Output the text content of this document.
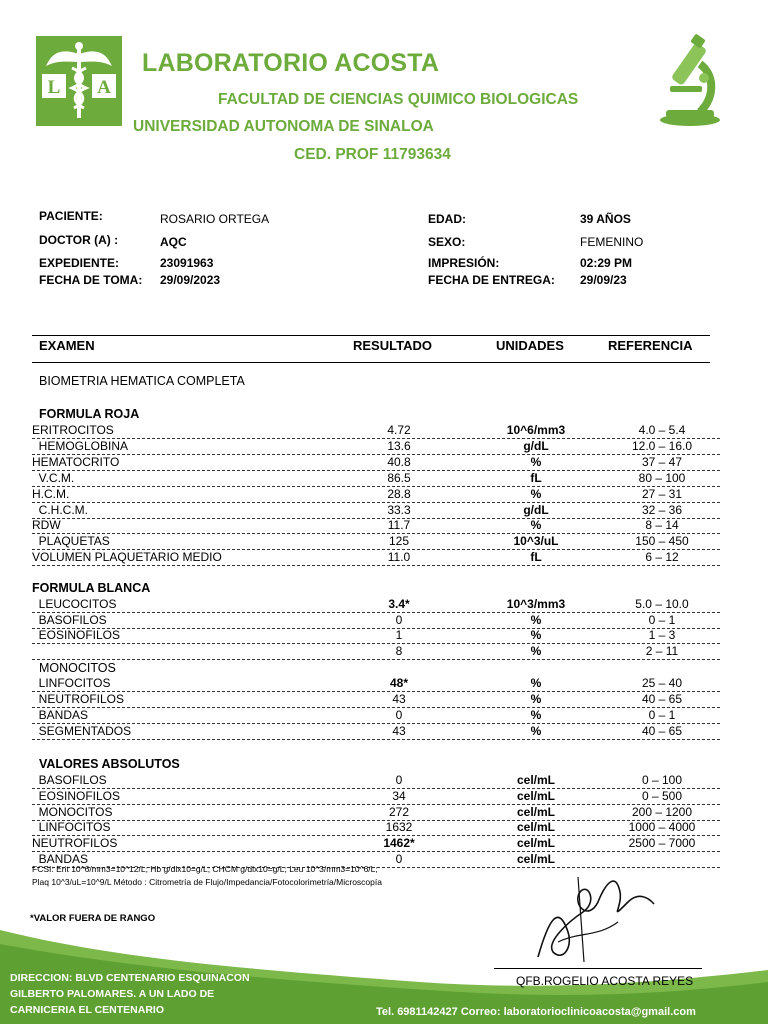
L A
LABORATORIO ACOSTA
FACULTAD DE CIENCIAS QUIMICO BIOLOGICAS
UNIVERSIDAD AUTONOMA DE SINALOA
CED. PROF 11793634
PACIENTE:	ROSARIO ORTEGA
DOCTOR (A) :	AQC
EXPEDIENTE:	23091963
FECHA DE TOMA: 29/09/2023
EDAD:	39 AÑOS
SEXO:	FEMENINO
IMPRESIÓN:	02:29 PM
FECHA DE ENTREGA: 29/09/23
EXAMEN	RESULTADO	UNIDADES	REFERENCIA
BIOMETRIA HEMATICA COMPLETA
FORMULA ROJA
ERITROCITOS	4.72	10^6/mm3	4.0 – 5.4
HEMOGLOBINA	13.6	g/dL	12.0 – 16.0
HEMATOCRITO	40.8	%	37 – 47
V.C.M.	86.5	fL	80 – 100
H.C.M.	28.8	%	27 – 31
C.H.C.M.	33.3	g/dL	32 – 36
RDW	11.7	%	8 – 14
PLAQUETAS	125	10^3/uL	150 – 450
VOLUMEN PLAQUETARIO MEDIO	11.0	fL	6 – 12
FORMULA BLANCA
LEUCOCITOS	3.4*	10^3/mm3	5.0 – 10.0
BASOFILOS	0	%	0 – 1
EOSINOFILOS	1	%	1 – 3
8	%	2 – 11
MONOCITOS
LINFOCITOS	48*	%	25 – 40
NEUTROFILOS	43	%	40 – 65
BANDAS	0	%	0 – 1
SEGMENTADOS	43	%	40 – 65
VALORES ABSOLUTOS
BASOFILOS	0	cel/mL	0 – 100
EOSINOFILOS	34	cel/mL	0 – 500
MONOCITOS	272	cel/mL	200 – 1200
LINFOCITOS	1632	cel/mL	1000 – 4000
NEUTROFILOS	1462*	cel/mL	2500 – 7000
BANDAS	0	cel/mL
FCSI: Erit 10^6/mm3=10^12/L; Hb g/dlx10=g/L; CHCM g/dlx10=g/L; Leu 10^3/mm3=10^6/L;
Plaq 10^3/uL=10^9/L Método : Citrometría de Flujo/Impedancia/Fotocolorimetría/Microscopía
*VALOR FUERA DE RANGO
QFB.ROGELIO ACOSTA REYES
DIRECCION: BLVD CENTENARIO ESQUINACON
GILBERTO PALOMARES. A UN LADO DE
CARNICERIA EL CENTENARIO	Tel. 6981142427 Correo: laboratorioclinicoacosta@gmail.com
